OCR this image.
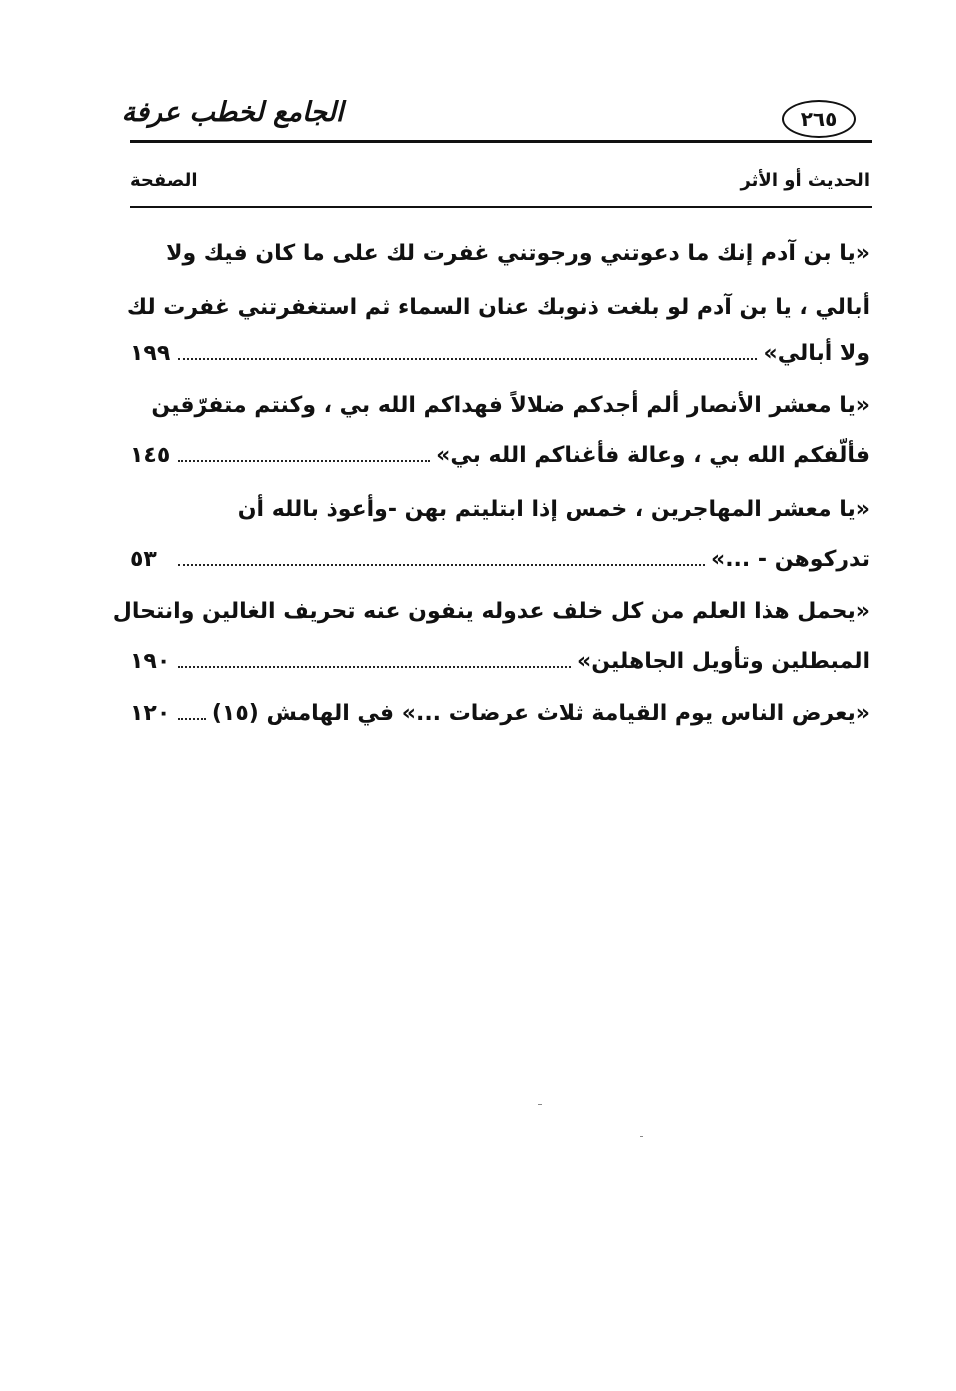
٢٦٥
الجامع لخطب عرفة
الحديث أو الأثر
الصفحة
«يا بن آدم إنك ما دعوتني ورجوتني غفرت لك على ما كان فيك ولا
أبالي ، يا بن آدم لو بلغت ذنوبك عنان السماء ثم استغفرتني غفرت لك
ولا أبالي»
١٩٩
«يا معشر الأنصار ألم أجدكم ضلالاً فهداكم الله بي ، وكنتم متفرّقين
فألّفكم الله بي ، وعالة فأغناكم الله بي»
١٤٥
«يا معشر المهاجرين ، خمس إذا ابتليتم بهن -وأعوذ بالله أن
تدركوهن - ...»
٥٣
«يحمل هذا العلم من كل خلف عدوله ينفون عنه تحريف الغالين وانتحال
المبطلين وتأويل الجاهلين»
١٩٠
«يعرض الناس يوم القيامة ثلاث عرضات ...» في الهامش (١٥)
١٢٠
